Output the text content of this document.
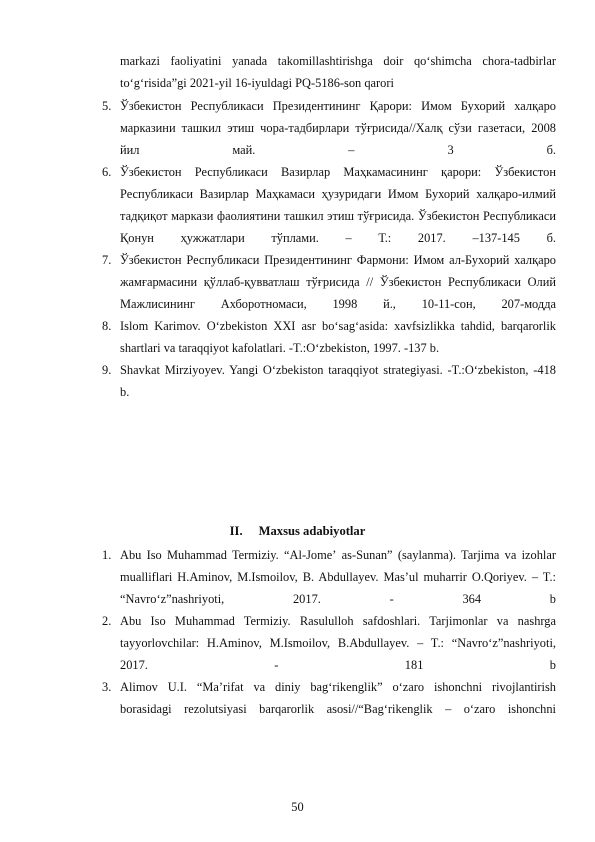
markazi faoliyatini yanada takomillashtirishga doir qoʻshimcha chora-tadbirlar toʻgʻrisida”gi 2021-yil 16-iyuldagi PQ-5186-son qarori
5. Ўзбекистон Республикаси Президентининг Қарори: Имом Бухорий халқаро марказини ташкил этиш чора-тадбирлари тўғрисида//Халқ сўзи газетаси, 2008 йил май. – 3 б.
6. Ўзбекистон Республикаси Вазирлар Маҳкамасининг қарори: Ўзбекистон Республикаси Вазирлар Маҳкамаси ҳузуридаги Имом Бухорий халқаро-илмий тадқиқот маркази фаолиятини ташкил этиш тўғрисида. Ўзбекистон Республикаси Қонун ҳужжатлари тўплами. – Т.: 2017. –137-145 б.
7. Ўзбекистон Республикаси Президентининг Фармони: Имом ал-Бухорий халқаро жамғармасини қўллаб-қувватлаш тўғрисида // Ўзбекистон Республикаси Олий Мажлисининг Ахборотномаси, 1998 й., 10-11-сон, 207-модда
8. Islom Karimov. O‘zbekiston XXI asr bo‘sag‘asida: xavfsizlikka tahdid, barqarorlik shartlari va taraqqiyot kafolatlari. -T.:O‘zbekiston, 1997. -137 b.
9. Shavkat Mirziyoyev. Yangi O‘zbekiston taraqqiyot strategiyasi. -T.:O‘zbekiston, -418 b.
II. Maxsus adabiyotlar
1. Abu Iso Muhammad Termiziy. “Al-Jomeʼ as-Sunan” (saylanma). Tarjima va izohlar mualliflari H.Aminov, M.Ismoilov, B. Abdullayev. Masʼul muharrir O.Qoriyev. – T.: “Navroʻz”nashriyoti, 2017. - 364 b
2. Abu Iso Muhammad Termiziy. Rasululloh safdoshlari. Tarjimonlar va nashrga tayyorlovchilar: H.Aminov, M.Ismoilov, B.Abdullayev. – T.: “Navroʻz”nashriyoti, 2017. - 181 b
3. Alimov U.I. “Ma’rifat va diniy bagʻrikenglik” oʻzaro ishonchni rivojlantirish borasidagi rezolutsiyasi barqarorlik asosi//“Bagʻrikenglik – oʻzaro ishonchni
50
